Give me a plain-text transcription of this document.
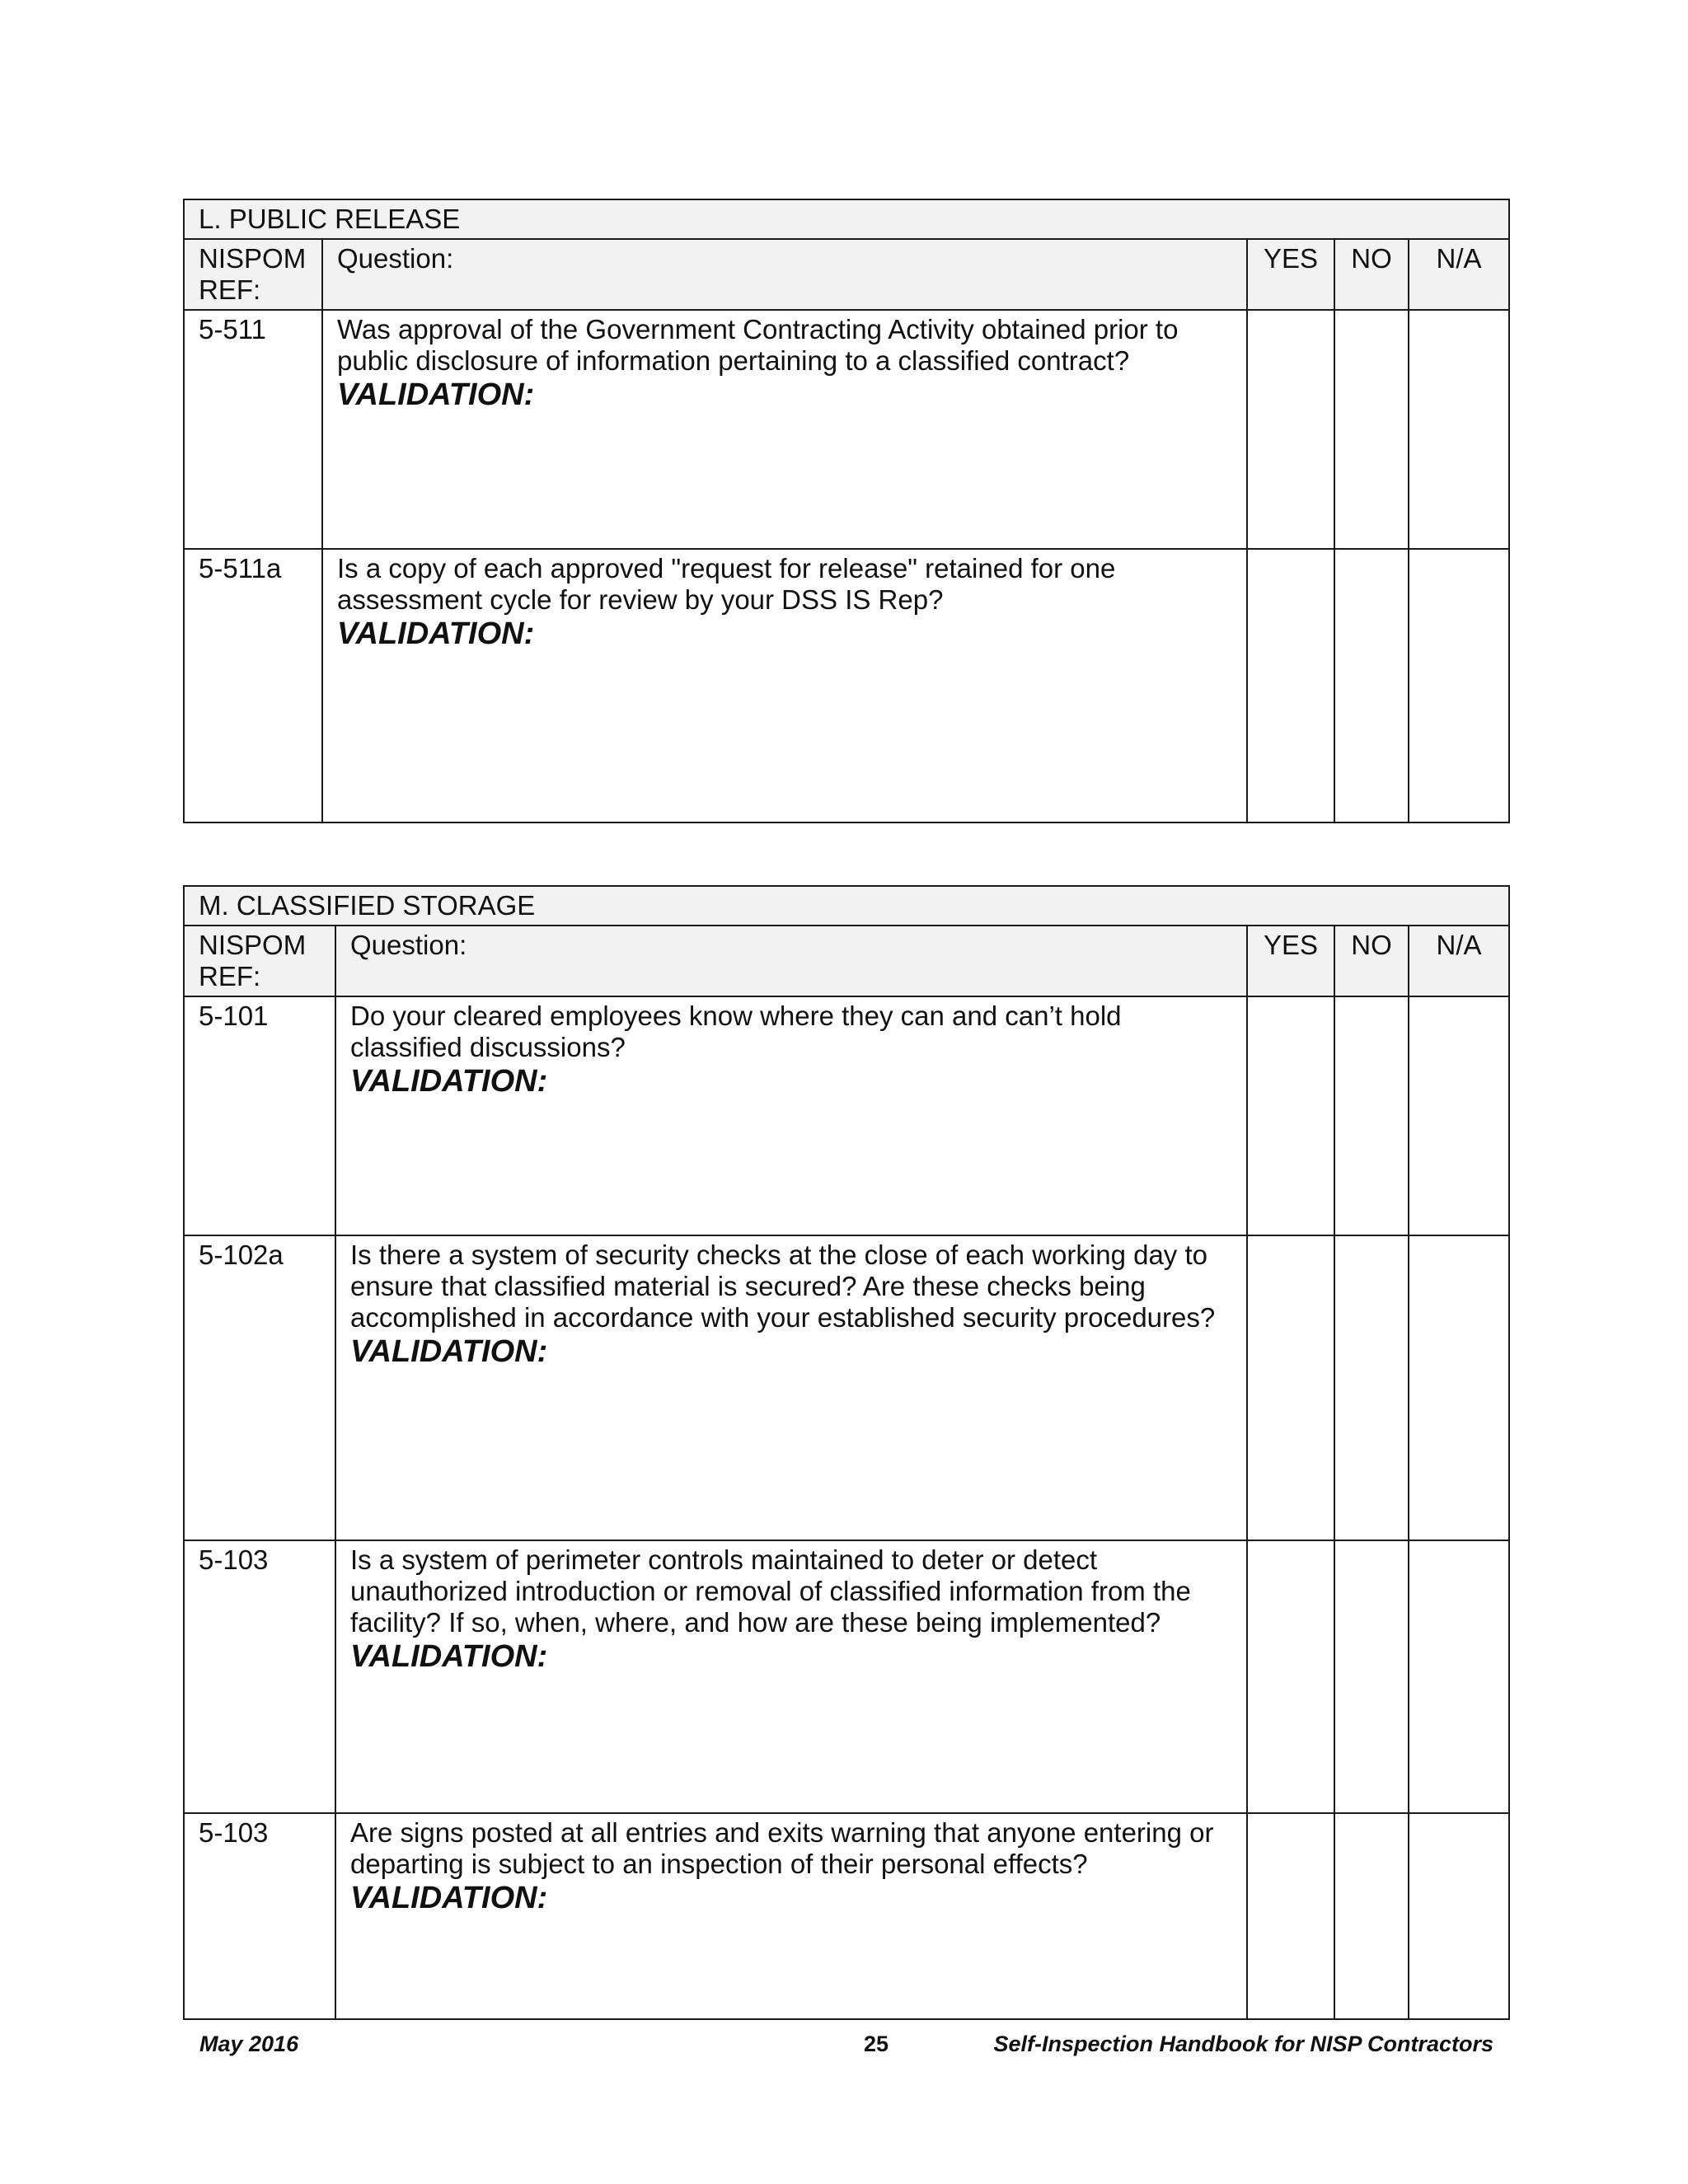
L. PUBLIC RELEASE				
NISPOM REF:	Question:	YES	NO	N/A
5-511	Was approval of the Government Contracting Activity obtained prior to public disclosure of information pertaining to a classified contract?
VALIDATION:			

5-511a	Is a copy of each approved "request for release" retained for one assessment cycle for review by your DSS IS Rep?
VALIDATION:			

M. CLASSIFIED STORAGE				
NISPOM REF:	Question:	YES	NO	N/A
5-101	Do your cleared employees know where they can and can’t hold classified discussions?
VALIDATION:			

5-102a	Is there a system of security checks at the close of each working day to ensure that classified material is secured? Are these checks being accomplished in accordance with your established security procedures?
VALIDATION:			

5-103	Is a system of perimeter controls maintained to deter or detect unauthorized introduction or removal of classified information from the facility? If so, when, where, and how are these being implemented?
VALIDATION:			

5-103	Are signs posted at all entries and exits warning that anyone entering or departing is subject to an inspection of their personal effects?
VALIDATION:			

May 2016	25	Self-Inspection Handbook for NISP Contractors
